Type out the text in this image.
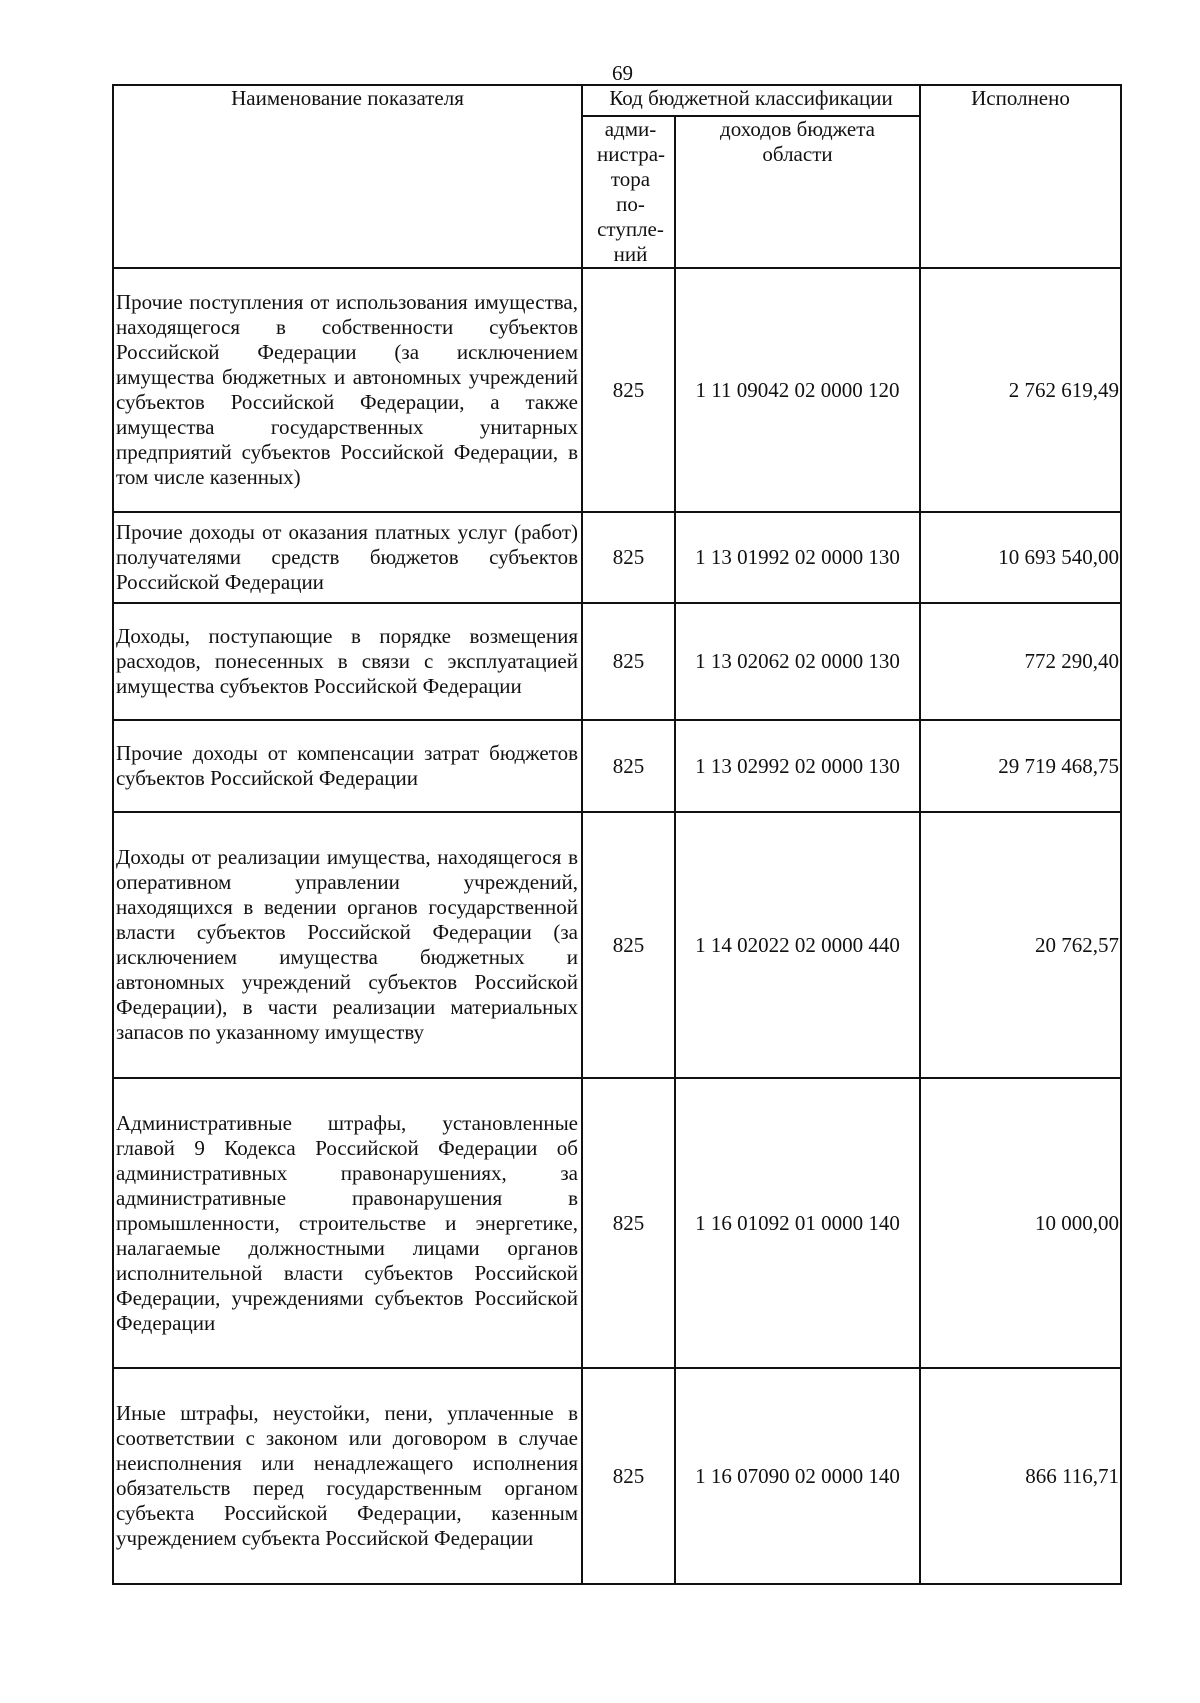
69
Наименование показателя	Код бюджетной классификации		Исполнено
	адми-нистра-тора по-ступле-ний	доходов бюджета области	
Прочие поступления от использования имущества, находящегося в собственности субъектов Российской Федерации (за исключением имущества бюджетных и автономных учреждений субъектов Российской Федерации, а также имущества государственных унитарных предприятий субъектов Российской Федерации, в том числе казенных)	825	1 11 09042 02 0000 120	2 762 619,49
Прочие доходы от оказания платных услуг (работ) получателями средств бюджетов субъектов Российской Федерации	825	1 13 01992 02 0000 130	10 693 540,00
Доходы, поступающие в порядке возмещения расходов, понесенных в связи с эксплуатацией имущества субъектов Российской Федерации	825	1 13 02062 02 0000 130	772 290,40
Прочие доходы от компенсации затрат бюджетов субъектов Российской Федерации	825	1 13 02992 02 0000 130	29 719 468,75
Доходы от реализации имущества, находящегося в оперативном управлении учреждений, находящихся в ведении органов государственной власти субъектов Российской Федерации (за исключением имущества бюджетных и автономных учреждений субъектов Российской Федерации), в части реализации материальных запасов по указанному имуществу	825	1 14 02022 02 0000 440	20 762,57
Административные штрафы, установленные главой 9 Кодекса Российской Федерации об административных правонарушениях, за административные правонарушения в промышленности, строительстве и энергетике, налагаемые должностными лицами органов исполнительной власти субъектов Российской Федерации, учреждениями субъектов Российской Федерации	825	1 16 01092 01 0000 140	10 000,00
Иные штрафы, неустойки, пени, уплаченные в соответствии с законом или договором в случае неисполнения или ненадлежащего исполнения обязательств перед государственным органом субъекта Российской Федерации, казенным учреждением субъекта Российской Федерации	825	1 16 07090 02 0000 140	866 116,71
